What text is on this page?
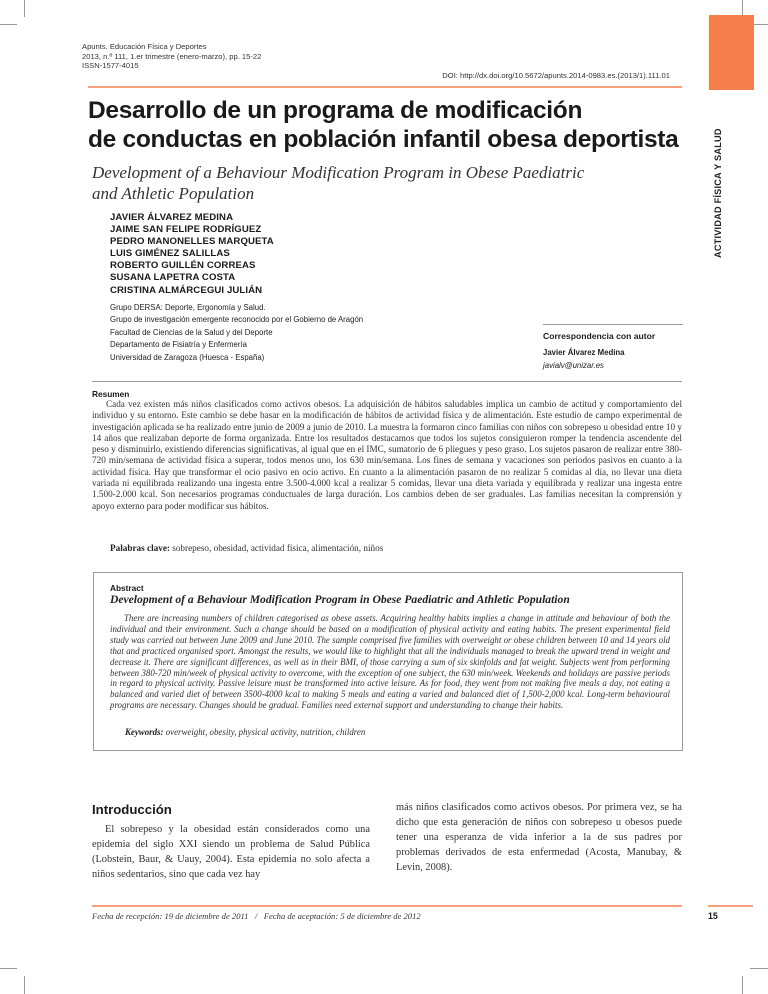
ACTIVIDAD FÍSICA Y SALUD
Apunts. Educación Física y Deportes
2013, n.º 111, 1.er trimestre (enero-marzo), pp. 15-22
ISSN-1577-4015
DOI: http://dx.doi.org/10.5672/apunts.2014-0983.es.(2013/1).111.01
Desarrollo de un programa de modificación
de conductas en población infantil obesa deportista
Development of a Behaviour Modification Program in Obese Paediatric
and Athletic Population
JAVIER ÁLVAREZ MEDINA
JAIME SAN FELIPE RODRÍGUEZ
PEDRO MANONELLES MARQUETA
LUIS GIMÉNEZ SALILLAS
ROBERTO GUILLÉN CORREAS
SUSANA LAPETRA COSTA
CRISTINA ALMÁRCEGUI JULIÁN
Grupo DERSA: Deporte, Ergonomía y Salud.
Grupo de investigación emergente reconocido por el Gobierno de Aragón
Facultad de Ciencias de la Salud y del Deporte
Departamento de Fisiatría y Enfermería
Universidad de Zaragoza (Huesca - España)
Correspondencia con autor
Javier Álvarez Medina
javialv@unizar.es
Resumen
Cada vez existen más niños clasificados como activos obesos. La adquisición de hábitos saludables implica un cambio de actitud y comportamiento del individuo y su entorno. Este cambio se debe basar en la modificación de hábitos de actividad física y de alimentación. Este estudio de campo experimental de investigación aplicada se ha realizado entre junio de 2009 a junio de 2010. La muestra la formaron cinco familias con niños con sobrepeso u obesidad entre 10 y 14 años que realizaban deporte de forma organizada. Entre los resultados destacamos que todos los sujetos consiguieron romper la tendencia ascendente del peso y disminuirlo, existiendo diferencias significativas, al igual que en el IMC, sumatorio de 6 pliegues y peso graso. Los sujetos pasaron de realizar entre 380-720 min/semana de actividad física a superar, todos menos uno, los 630 min/semana. Los fines de semana y vacaciones son periodos pasivos en cuanto a la actividad física. Hay que transformar el ocio pasivo en ocio activo. En cuanto a la alimentación pasaron de no realizar 5 comidas al día, no llevar una dieta variada ni equilibrada realizando una ingesta entre 3.500-4.000 kcal a realizar 5 comidas, llevar una dieta variada y equilibrada y realizar una ingesta entre 1.500-2.000 kcal. Son necesarios programas conductuales de larga duración. Los cambios deben de ser graduales. Las familias necesitan la comprensión y apoyo externo para poder modificar sus hábitos.
Palabras clave: sobrepeso, obesidad, actividad física, alimentación, niños
Abstract
Development of a Behaviour Modification Program in Obese Paediatric and Athletic Population
There are increasing numbers of children categorised as obese assets. Acquiring healthy habits implies a change in attitude and behaviour of both the individual and their environment. Such a change should be based on a modification of physical activity and eating habits. The present experimental field study was carried out between June 2009 and June 2010. The sample comprised five families with overweight or obese children between 10 and 14 years old that and practiced organised sport. Amongst the results, we would like to highlight that all the individuals managed to break the upward trend in weight and decrease it. There are significant differences, as well as in their BMI, of those carrying a sum of six skinfolds and fat weight. Subjects went from performing between 380-720 min/week of physical activity to overcome, with the exception of one subject, the 630 min/week. Weekends and holidays are passive periods in regard to physical activity. Passive leisure must be transformed into active leisure. As for food, they went from not making five meals a day, not eating a balanced and varied diet of between 3500-4000 kcal to making 5 meals and eating a varied and balanced diet of 1,500-2,000 kcal. Long-term behavioural programs are necessary. Changes should be gradual. Families need external support and understanding to change their habits.
Keywords: overweight, obesity, physical activity, nutrition, children
Introducción
El sobrepeso y la obesidad están considerados como una epidemia del siglo XXI siendo un problema de Salud Pública (Lobstein, Baur, & Uauy, 2004). Esta epidemia no solo afecta a niños sedentarios, sino que cada vez hay
más niños clasificados como activos obesos. Por primera vez, se ha dicho que esta generación de niños con sobrepeso u obesos puede tener una esperanza de vida inferior a la de sus padres por problemas derivados de esta enfermedad (Acosta, Manubay, & Levin, 2008).
Fecha de recepción: 19 de diciembre de 2011 / Fecha de aceptación: 5 de diciembre de 2012	15
